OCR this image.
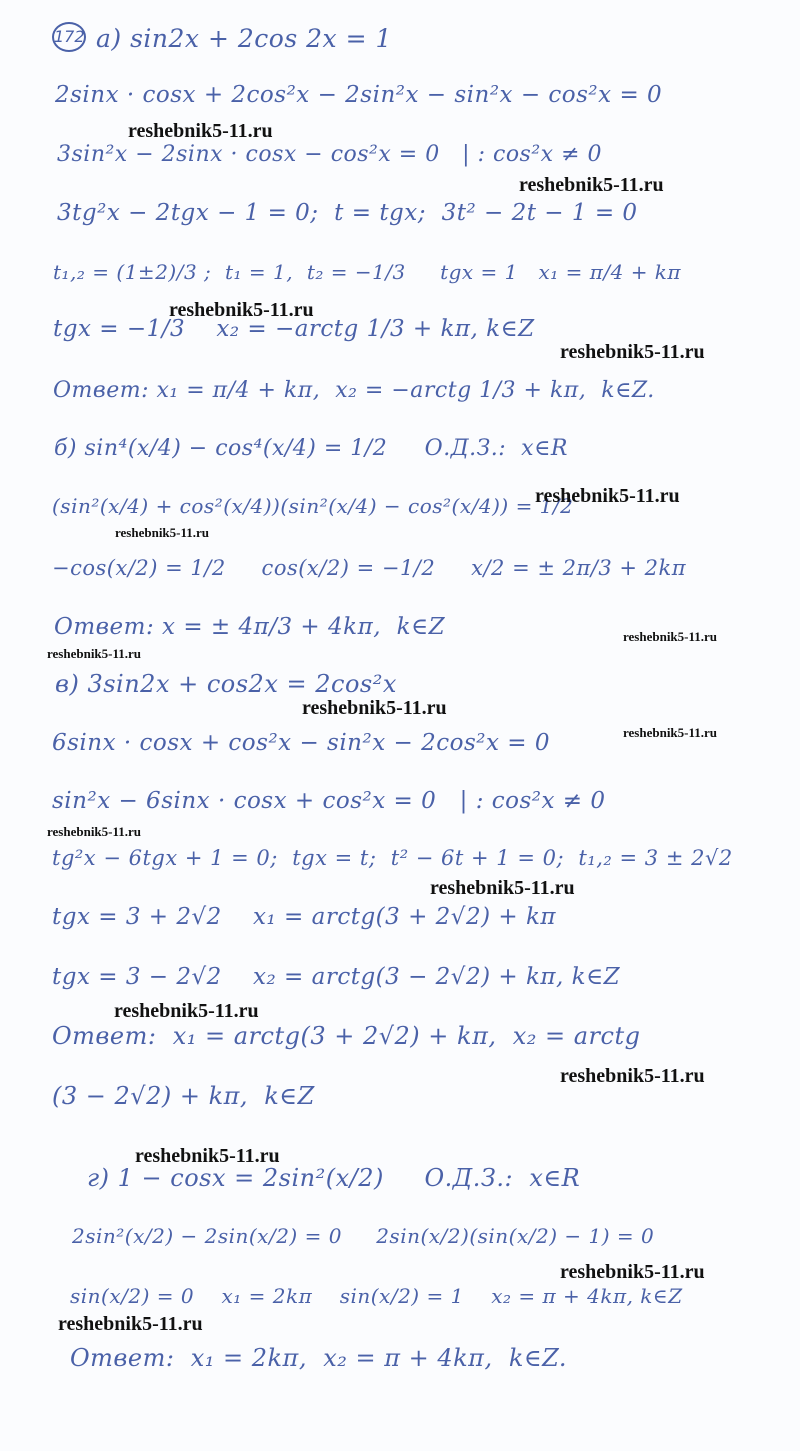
172 а) sin2x + 2cos 2x = 1
2sinx · cosx + 2cos²x − 2sin²x − sin²x − cos²x = 0
3sin²x − 2sinx · cosx − cos²x = 0   | : cos²x ≠ 0
3tg²x − 2tgx − 1 = 0;  t = tgx;  3t² − 2t − 1 = 0
t₁,₂ = (1±2)/3 ;  t₁ = 1,  t₂ = −1/3     tgx = 1   x₁ = π/4 + kπ
tgx = −1/3    x₂ = −arctg 1/3 + kπ, k∈Z
Ответ: x₁ = π/4 + kπ,  x₂ = −arctg 1/3 + kπ,  k∈Z.
б) sin⁴(x/4) − cos⁴(x/4) = 1/2     О.Д.З.:  x∈R
(sin²(x/4) + cos²(x/4))(sin²(x/4) − cos²(x/4)) = 1/2
−cos(x/2) = 1/2     cos(x/2) = −1/2     x/2 = ± 2π/3 + 2kπ
Ответ: x = ± 4π/3 + 4kπ,  k∈Z
в) 3sin2x + cos2x = 2cos²x
6sinx · cosx + cos²x − sin²x − 2cos²x = 0
sin²x − 6sinx · cosx + cos²x = 0   | : cos²x ≠ 0
tg²x − 6tgx + 1 = 0;  tgx = t;  t² − 6t + 1 = 0;  t₁,₂ = 3 ± 2√2
tgx = 3 + 2√2    x₁ = arctg(3 + 2√2) + kπ
tgx = 3 − 2√2    x₂ = arctg(3 − 2√2) + kπ, k∈Z
Ответ:  x₁ = arctg(3 + 2√2) + kπ,  x₂ = arctg
(3 − 2√2) + kπ,  k∈Z
г) 1 − cosx = 2sin²(x/2)     О.Д.З.:  x∈R
2sin²(x/2) − 2sin(x/2) = 0     2sin(x/2)(sin(x/2) − 1) = 0
sin(x/2) = 0    x₁ = 2kπ    sin(x/2) = 1    x₂ = π + 4kπ, k∈Z
Ответ:  x₁ = 2kπ,  x₂ = π + 4kπ,  k∈Z.
reshebnik5-11.ru
reshebnik5-11.ru
reshebnik5-11.ru
reshebnik5-11.ru
reshebnik5-11.ru
reshebnik5-11.ru
reshebnik5-11.ru
reshebnik5-11.ru
reshebnik5-11.ru
reshebnik5-11.ru
reshebnik5-11.ru
reshebnik5-11.ru
reshebnik5-11.ru
reshebnik5-11.ru
reshebnik5-11.ru
reshebnik5-11.ru
reshebnik5-11.ru
